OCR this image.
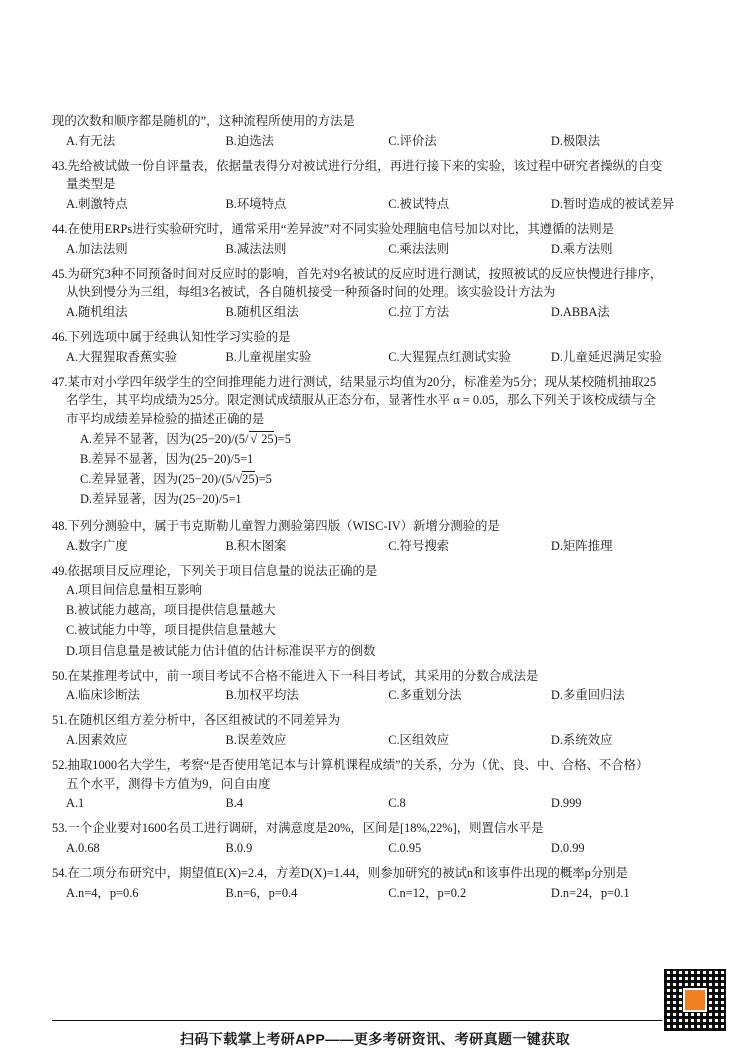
现的次数和顺序都是随机的”，这种流程所使用的方法是
A.有无法	B.迫选法	C.评价法	D.极限法
43.先给被试做一份自评量表，依据量表得分对被试进行分组，再进行接下来的实验，该过程中研究者操纵的自变
量类型是
A.刺激特点	B.环境特点	C.被试特点	D.暂时造成的被试差异
44.在使用ERPs进行实验研究时，通常采用“差异波”对不同实验处理脑电信号加以对比，其遵循的法则是
A.加法法则	B.减法法则	C.乘法法则	D.乘方法则
45.为研究3种不同预备时间对反应时的影响，首先对9名被试的反应时进行测试，按照被试的反应快慢进行排序，
从快到慢分为三组，每组3名被试，各自随机接受一种预备时间的处理。该实验设计方法为
A.随机组法	B.随机区组法	C.拉丁方法	D.ABBA法
46.下列选项中属于经典认知性学习实验的是
A.大猩猩取香蕉实验	B.儿童视崖实验	C.大猩猩点红测试实验	D.儿童延迟满足实验
47.某市对小学四年级学生的空间推理能力进行测试，结果显示均值为20分，标准差为5分；现从某校随机抽取25
名学生，其平均成绩为25分。限定测试成绩服从正态分布，显著性水平 α = 0.05，那么下列关于该校成绩与全
市平均成绩差异检验的描述正确的是
A.差异不显著，因为(25−20)/(5/ √ 25)=5
B.差异不显著，因为(25−20)/5=1
C.差异显著，因为(25−20)/(5/√25)=5
D.差异显著，因为(25−20)/5=1
48.下列分测验中，属于韦克斯勒儿童智力测验第四版（WISC-IV）新增分测验的是
A.数字广度	B.积木图案	C.符号搜索	D.矩阵推理
49.依据项目反应理论，下列关于项目信息量的说法正确的是
A.项目间信息量相互影响
B.被试能力越高，项目提供信息量越大
C.被试能力中等，项目提供信息量越大
D.项目信息量是被试能力估计值的估计标准误平方的倒数
50.在某推理考试中，前一项目考试不合格不能进入下一科目考试，其采用的分数合成法是
A.临床诊断法	B.加权平均法	C.多重划分法	D.多重回归法
51.在随机区组方差分析中，各区组被试的不同差异为
A.因素效应	B.误差效应	C.区组效应	D.系统效应
52.抽取1000名大学生，考察“是否使用笔记本与计算机课程成绩”的关系，分为（优、良、中、合格、不合格）
五个水平，测得卡方值为9，问自由度
A.1	B.4	C.8	D.999
53.一个企业要对1600名员工进行调研，对满意度是20%，区间是[18%,22%]，则置信水平是
A.0.68	B.0.9	C.0.95	D.0.99
54.在二项分布研究中，期望值E(X)=2.4，方差D(X)=1.44，则参加研究的被试n和该事件出现的概率p分别是
A.n=4，p=0.6	B.n=6，p=0.4	C.n=12，p=0.2	D.n=24，p=0.1
扫码下载掌上考研APP——更多考研资讯、考研真题一键获取
